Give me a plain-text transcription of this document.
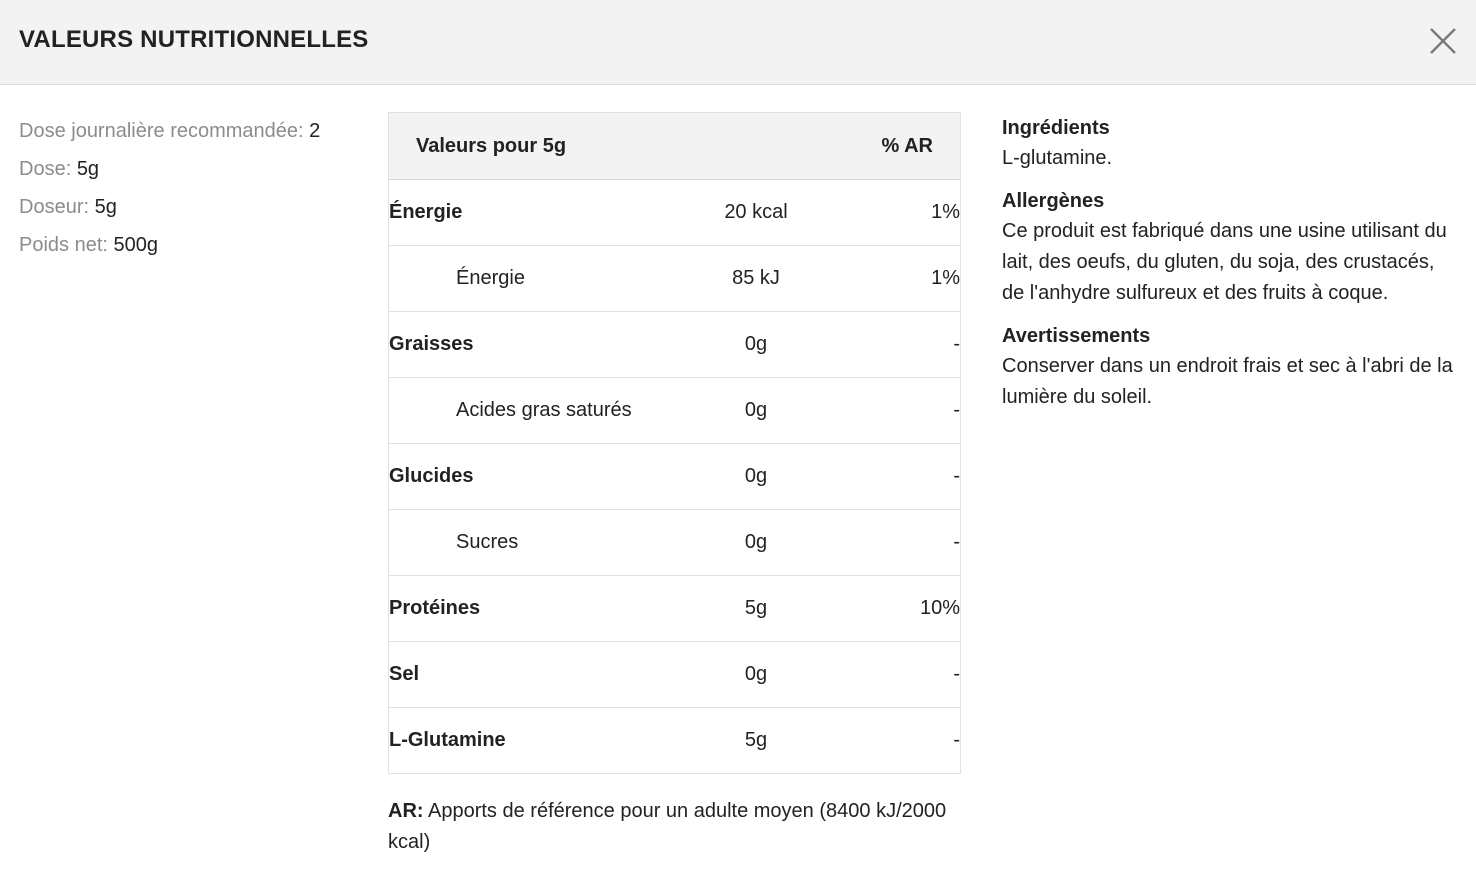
VALEURS NUTRITIONNELLES
Dose journalière recommandée: 2
Dose: 5g
Doseur: 5g
Poids net: 500g
Valeurs pour 5g		% AR
Énergie	20 kcal	1%
Énergie	85 kJ	1%
Graisses	0g	-
Acides gras saturés	0g	-
Glucides	0g	-
Sucres	0g	-
Protéines	5g	10%
Sel	0g	-
L-Glutamine	5g	-
AR: Apports de référence pour un adulte moyen (8400 kJ/2000 kcal)
Ingrédients

L-glutamine.

Allergènes

Ce produit est fabriqué dans une usine utilisant du lait, des oeufs, du gluten, du soja, des crustacés, de l'anhydre sulfureux et des fruits à coque.

Avertissements

Conserver dans un endroit frais et sec à l'abri de la lumière du soleil.
